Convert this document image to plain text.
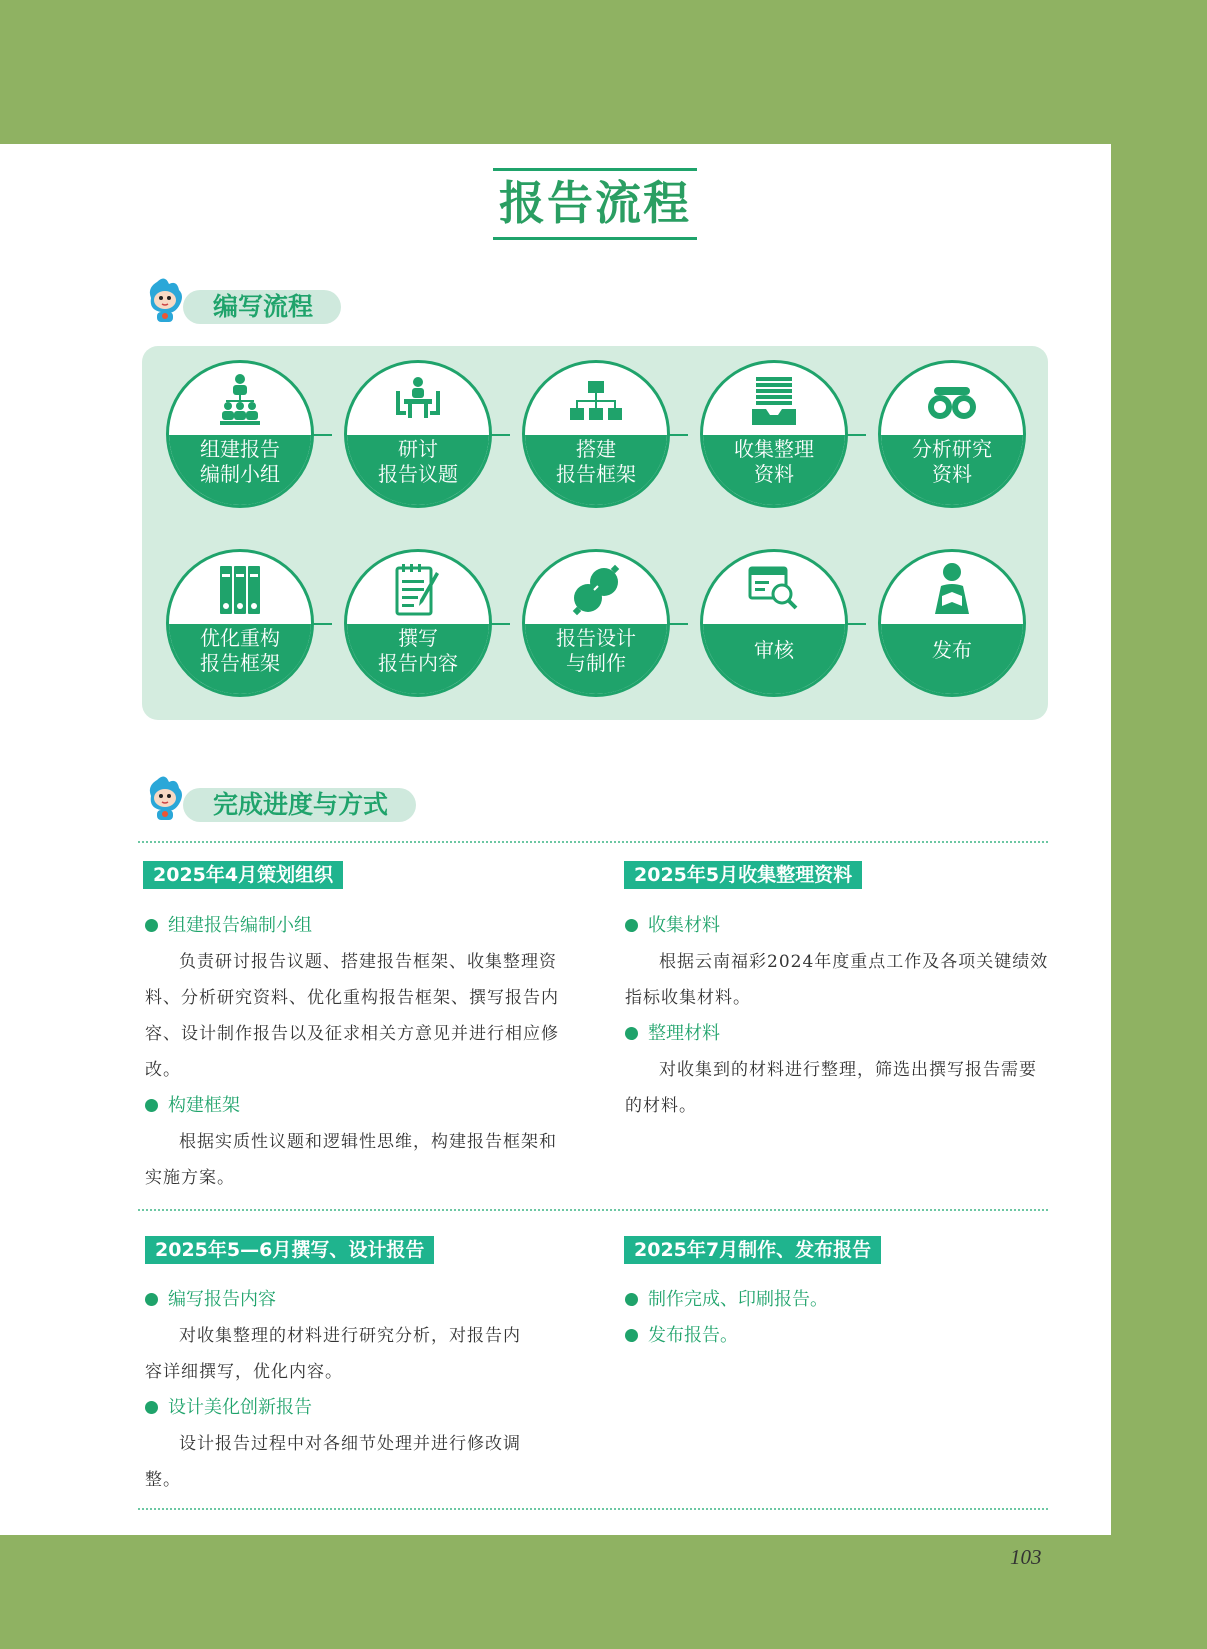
报告流程
编写流程
组建报告
编制小组
研讨
报告议题
搭建
报告框架
收集整理
资料
分析研究
资料
优化重构
报告框架
撰写
报告内容
报告设计
与制作
审核	发布
完成进度与方式
2025年4月策划组织
组建报告编制小组
负责研讨报告议题、搭建报告框架、收集整理资料、分析研究资料、优化重构报告框架、撰写报告内容、设计制作报告以及征求相关方意见并进行相应修改。
构建框架
根据实质性议题和逻辑性思维，构建报告框架和实施方案。
2025年5月收集整理资料
收集材料
根据云南福彩2024年度重点工作及各项关键绩效指标收集材料。
整理材料
对收集到的材料进行整理，筛选出撰写报告需要的材料。
2025年5—6月撰写、设计报告
编写报告内容
对收集整理的材料进行研究分析，对报告内容详细撰写，优化内容。
设计美化创新报告
设计报告过程中对各细节处理并进行修改调整。
2025年7月制作、发布报告
制作完成、印刷报告。
发布报告。
103
